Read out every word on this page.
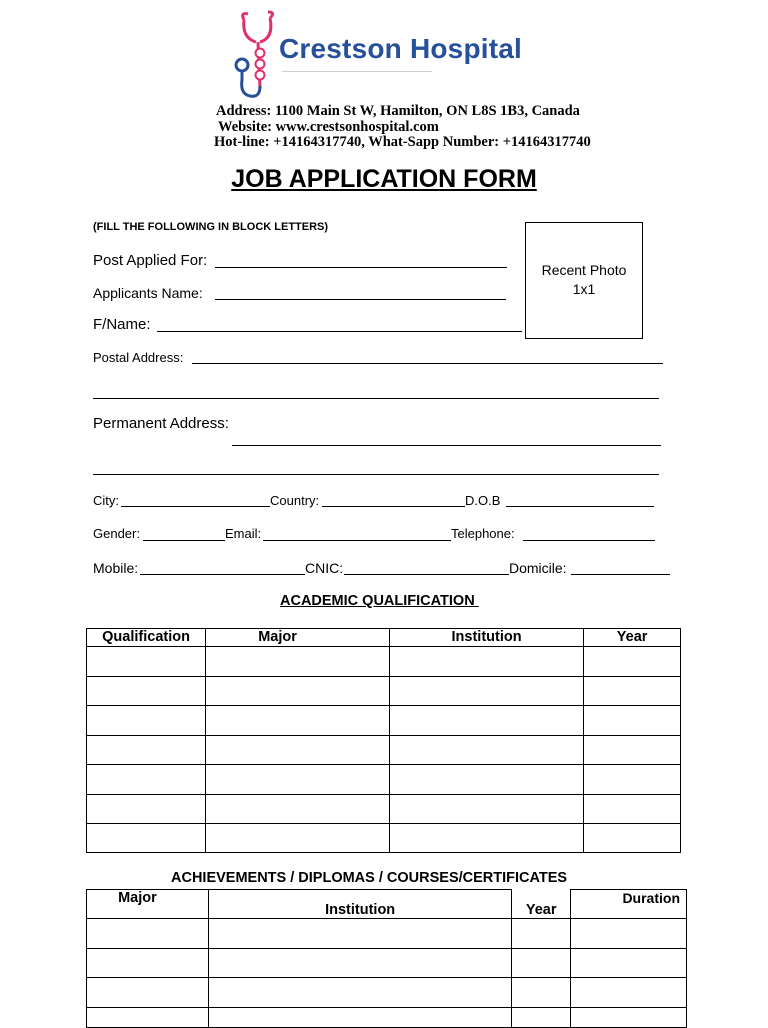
Crestson Hospital
Address: 1100 Main St W, Hamilton, ON L8S 1B3, Canada
Website: www.crestsonhospital.com
Hot-line: +14164317740, What-Sapp Number: +14164317740
JOB APPLICATION FORM
(FILL THE FOLLOWING IN BLOCK LETTERS)
Recent Photo
1x1
Post Applied For:
Applicants Name:
F/Name:
Postal Address:
Permanent Address:
City:	Country:	D.O.B
Gender:	Email:	Telephone:
Mobile:	CNIC:	Domicile:
ACADEMIC QUALIFICATION
Qualification	Major	Institution	Year

ACHIEVEMENTS / DIPLOMAS / COURSES/CERTIFICATES
Major	Institution	Year	Duration
